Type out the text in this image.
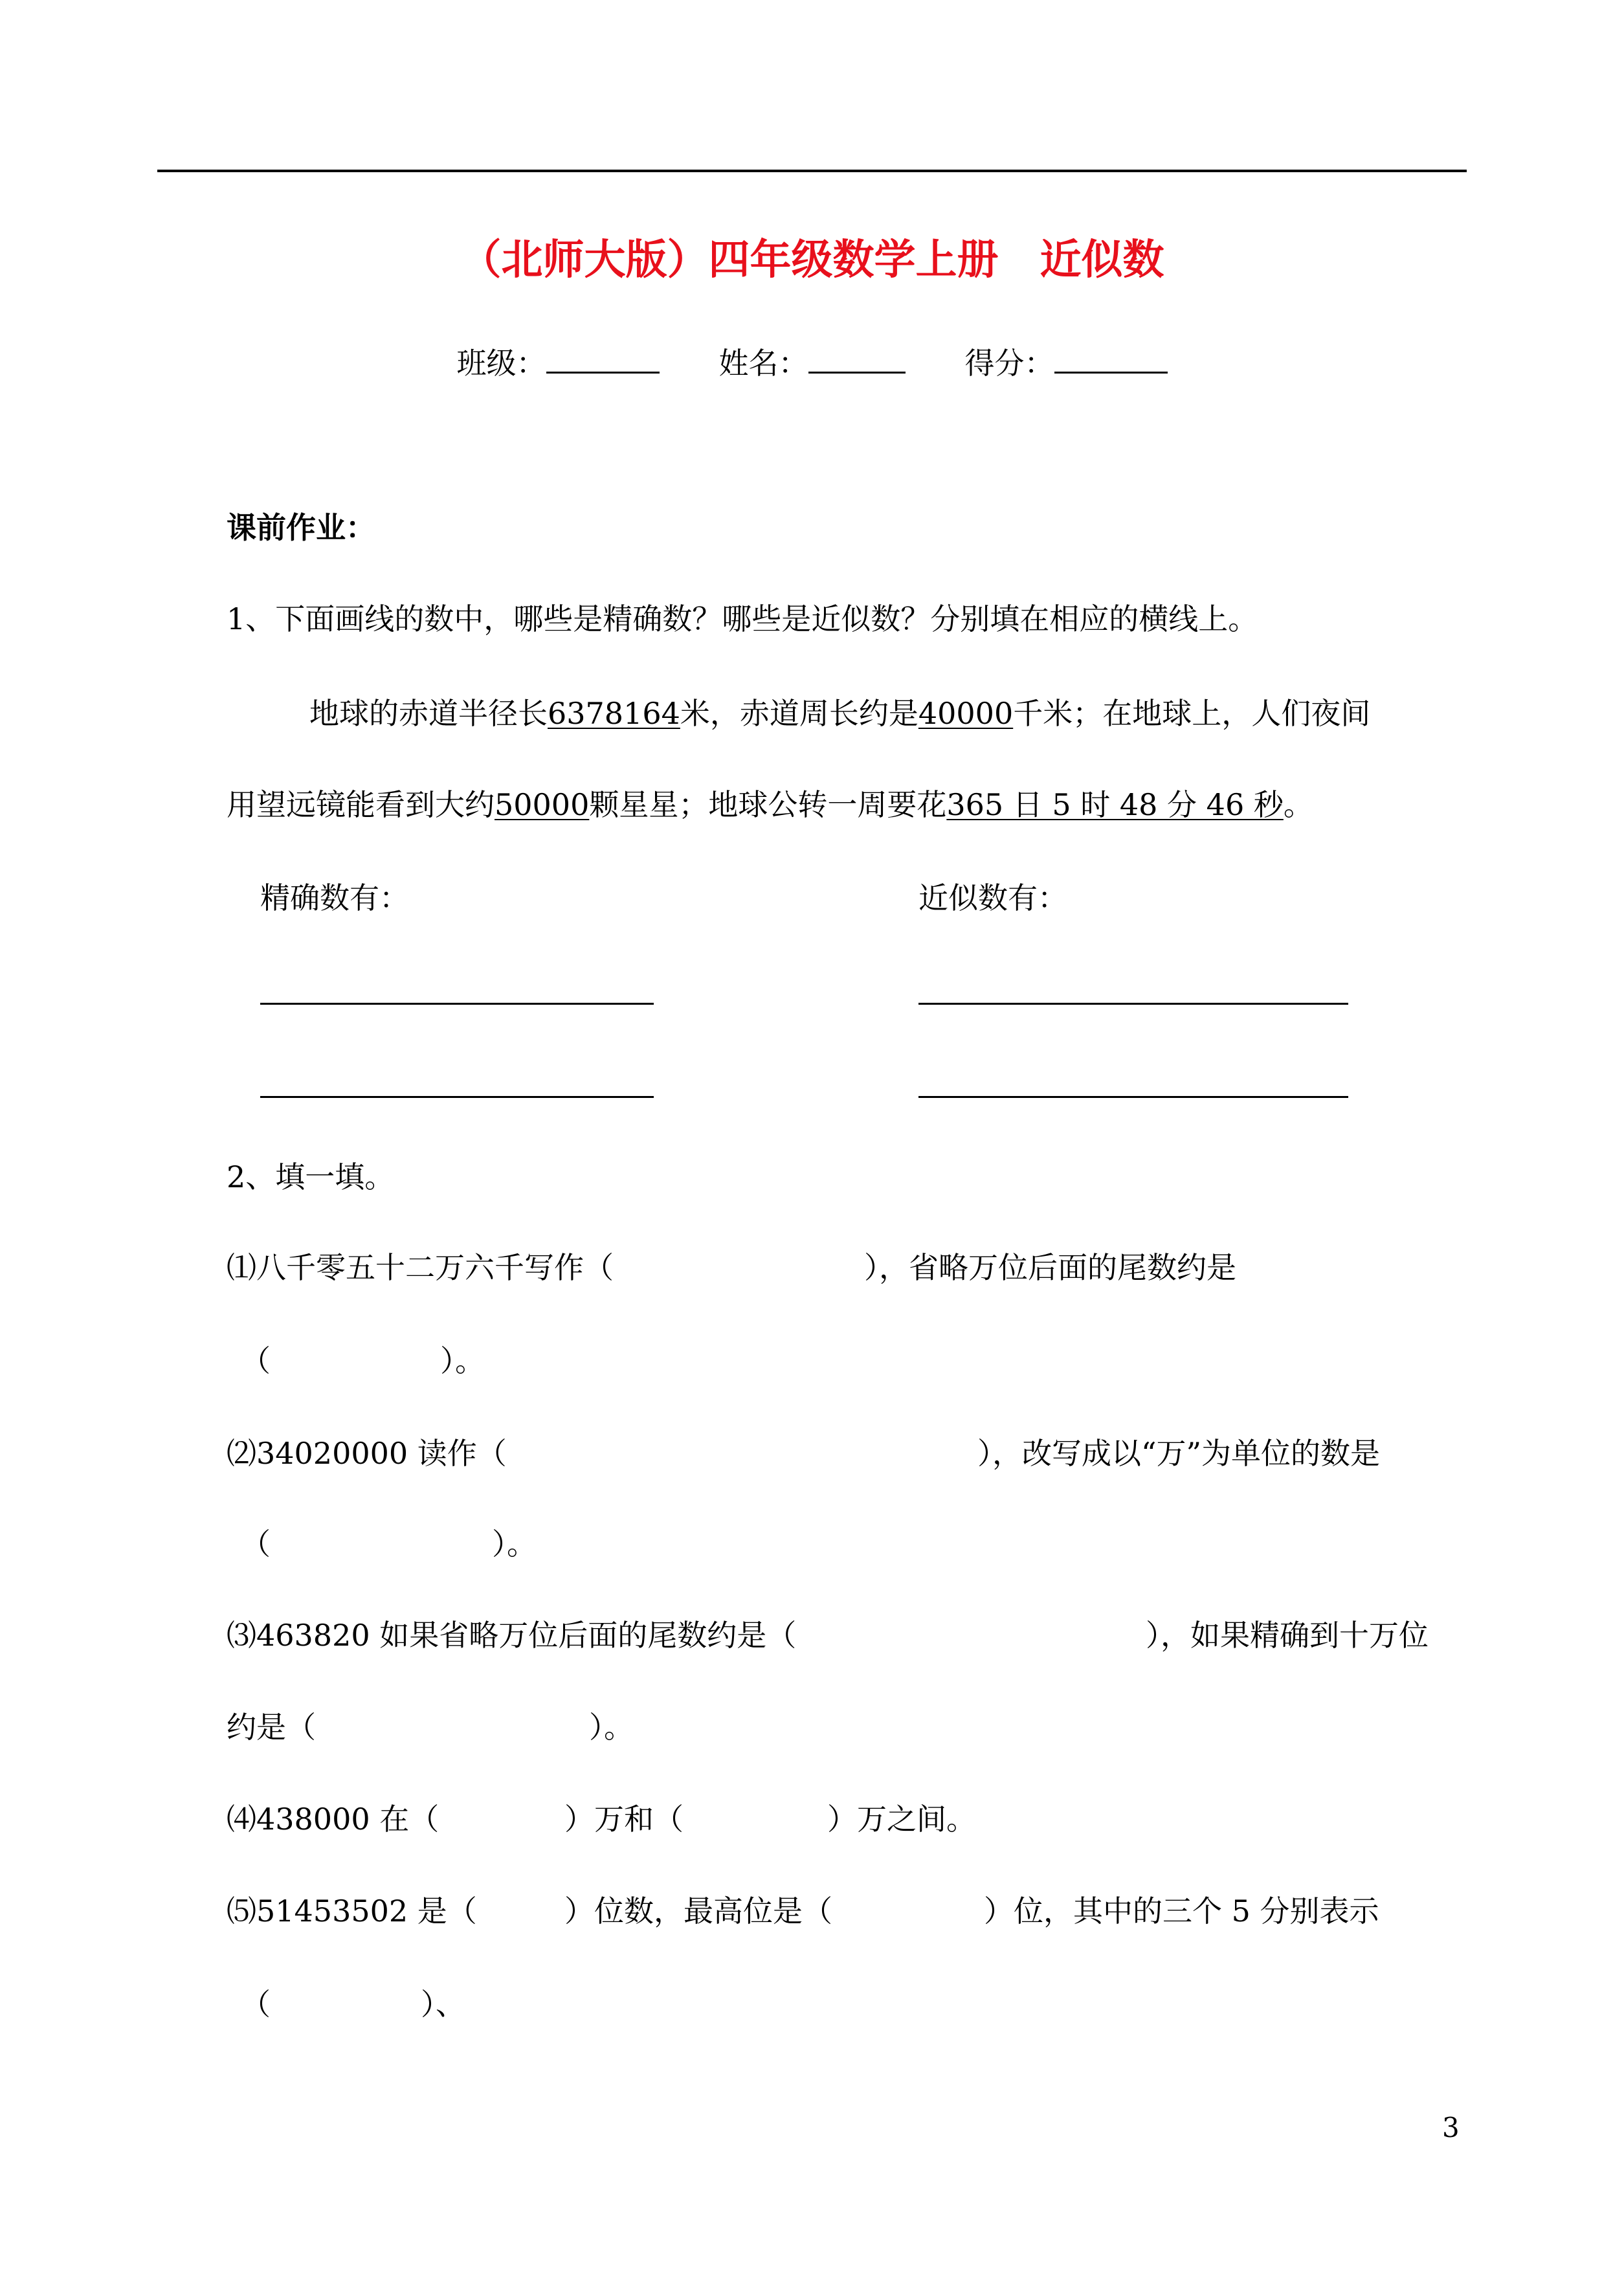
（北师大版）四年级数学上册　近似数
班级：　　	姓名：　　	得分：
课前作业：
1、下面画线的数中，哪些是精确数？哪些是近似数？分别填在相应的横线上。
地球的赤道半径长6378164米，赤道周长约是40000千米；在地球上，人们夜间
用望远镜能看到大约50000颗星星；地球公转一周要花365 日 5 时 48 分 46 秒。
精确数有：	近似数有：
2、填一填。
⑴八千零五十二万六千写作（	），省略万位后面的尾数约是
（	）。
⑵34020000 读作（	），改写成以“万”为单位的数是
（	）。
⑶463820 如果省略万位后面的尾数约是（	），如果精确到十万位
约是（	）。
⑷438000 在（	）万和（	）万之间。
⑸51453502 是（	）位数，最高位是（	）位，其中的三个 5 分别表示
（	）、
3
